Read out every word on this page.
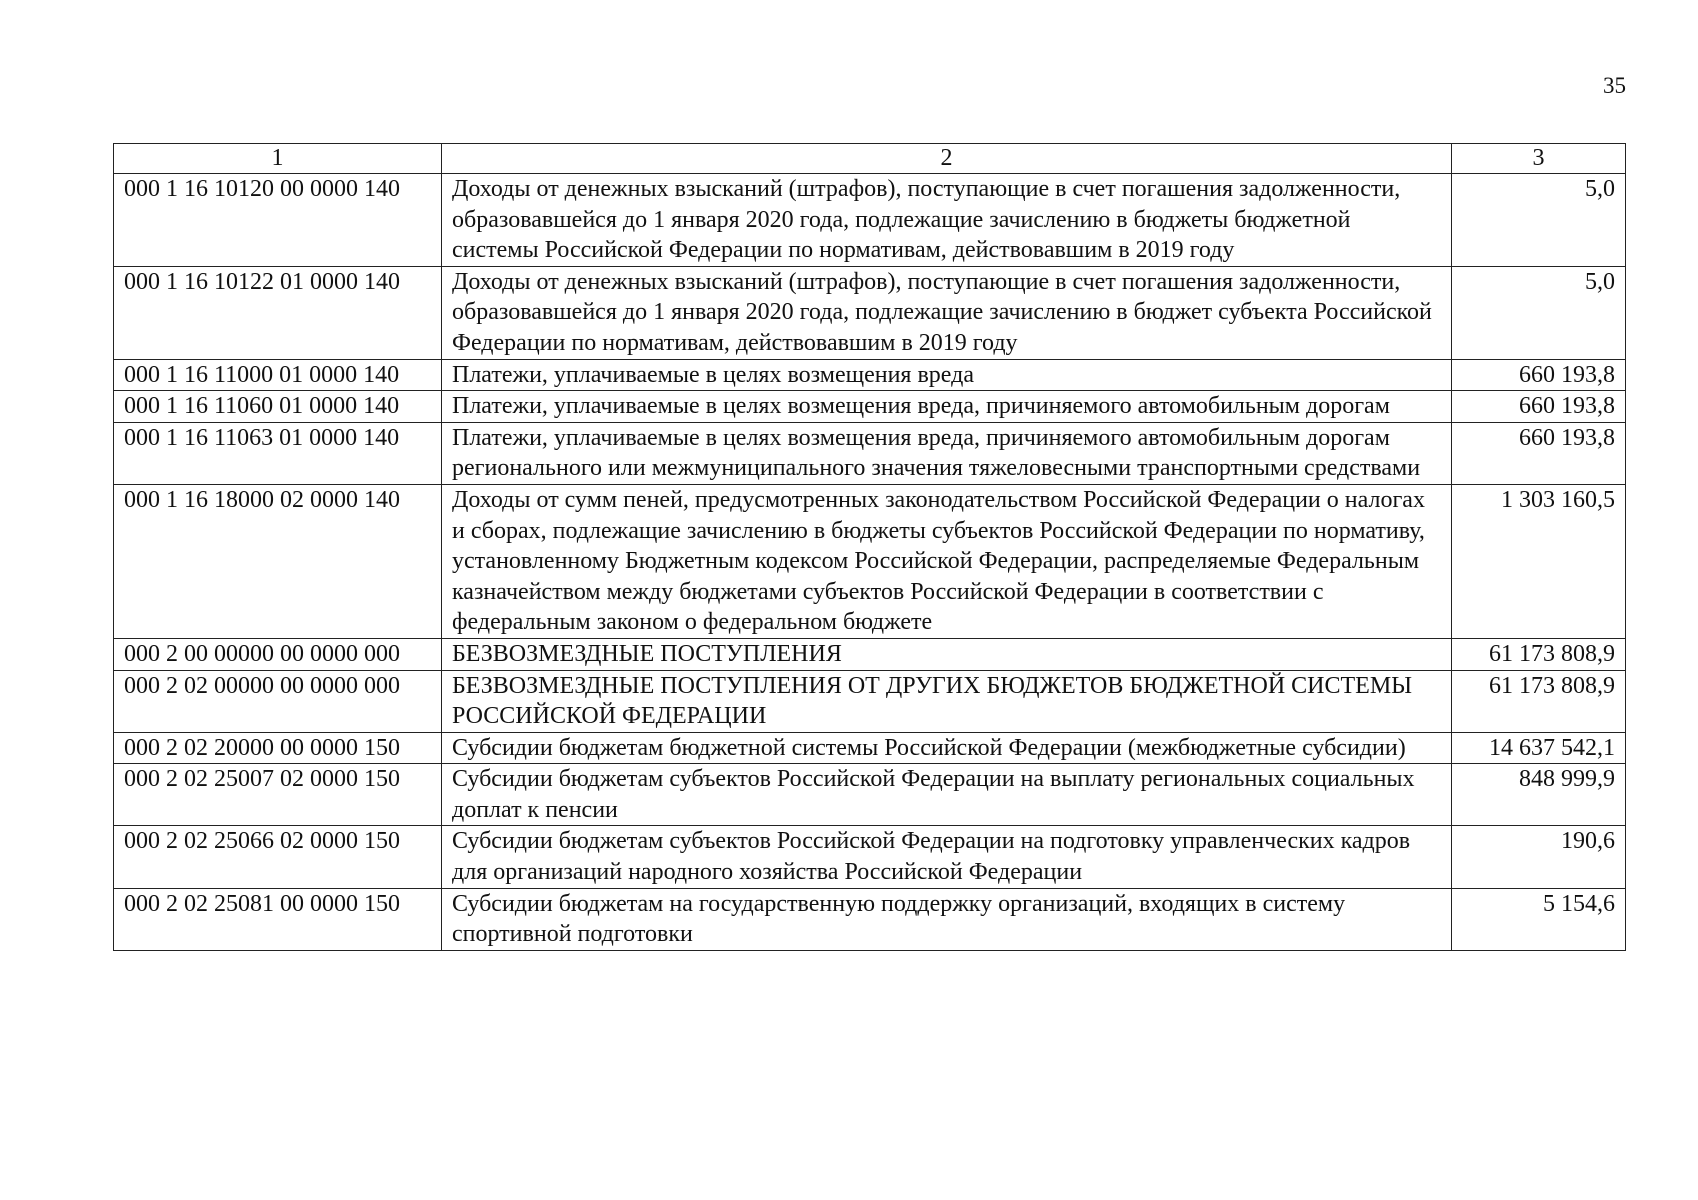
35
1	2	3
000 1 16 10120 00 0000 140	Доходы от денежных взысканий (штрафов), поступающие в счет погашения задолженности, образовавшейся до 1 января 2020 года, подлежащие зачислению в бюджеты бюджетной системы Российской Федерации по нормативам, действовавшим в 2019 году	5,0
000 1 16 10122 01 0000 140	Доходы от денежных взысканий (штрафов), поступающие в счет погашения задолженности, образовавшейся до 1 января 2020 года, подлежащие зачислению в бюджет субъекта Российской Федерации по нормативам, действовавшим в 2019 году	5,0
000 1 16 11000 01 0000 140	Платежи, уплачиваемые в целях возмещения вреда	660 193,8
000 1 16 11060 01 0000 140	Платежи, уплачиваемые в целях возмещения вреда, причиняемого автомобильным дорогам	660 193,8
000 1 16 11063 01 0000 140	Платежи, уплачиваемые в целях возмещения вреда, причиняемого автомобильным дорогам регионального или межмуниципального значения тяжеловесными транспортными средствами	660 193,8
000 1 16 18000 02 0000 140	Доходы от сумм пеней, предусмотренных законодательством Российской Федерации о налогах и сборах, подлежащие зачислению в бюджеты субъектов Российской Федерации по нормативу, установленному Бюджетным кодексом Российской Федерации, распределяемые Федеральным казначейством между бюджетами субъектов Российской Федерации в соответствии с федеральным законом о федеральном бюджете	1 303 160,5
000 2 00 00000 00 0000 000	БЕЗВОЗМЕЗДНЫЕ ПОСТУПЛЕНИЯ	61 173 808,9
000 2 02 00000 00 0000 000	БЕЗВОЗМЕЗДНЫЕ ПОСТУПЛЕНИЯ ОТ ДРУГИХ БЮДЖЕТОВ БЮДЖЕТНОЙ СИСТЕМЫ РОССИЙСКОЙ ФЕДЕРАЦИИ	61 173 808,9
000 2 02 20000 00 0000 150	Субсидии бюджетам бюджетной системы Российской Федерации (межбюджетные субсидии)	14 637 542,1
000 2 02 25007 02 0000 150	Субсидии бюджетам субъектов Российской Федерации на выплату региональных социальных доплат к пенсии	848 999,9
000 2 02 25066 02 0000 150	Субсидии бюджетам субъектов Российской Федерации на подготовку управленческих кадров для организаций народного хозяйства Российской Федерации	190,6
000 2 02 25081 00 0000 150	Субсидии бюджетам на государственную поддержку организаций, входящих в систему спортивной подготовки	5 154,6
